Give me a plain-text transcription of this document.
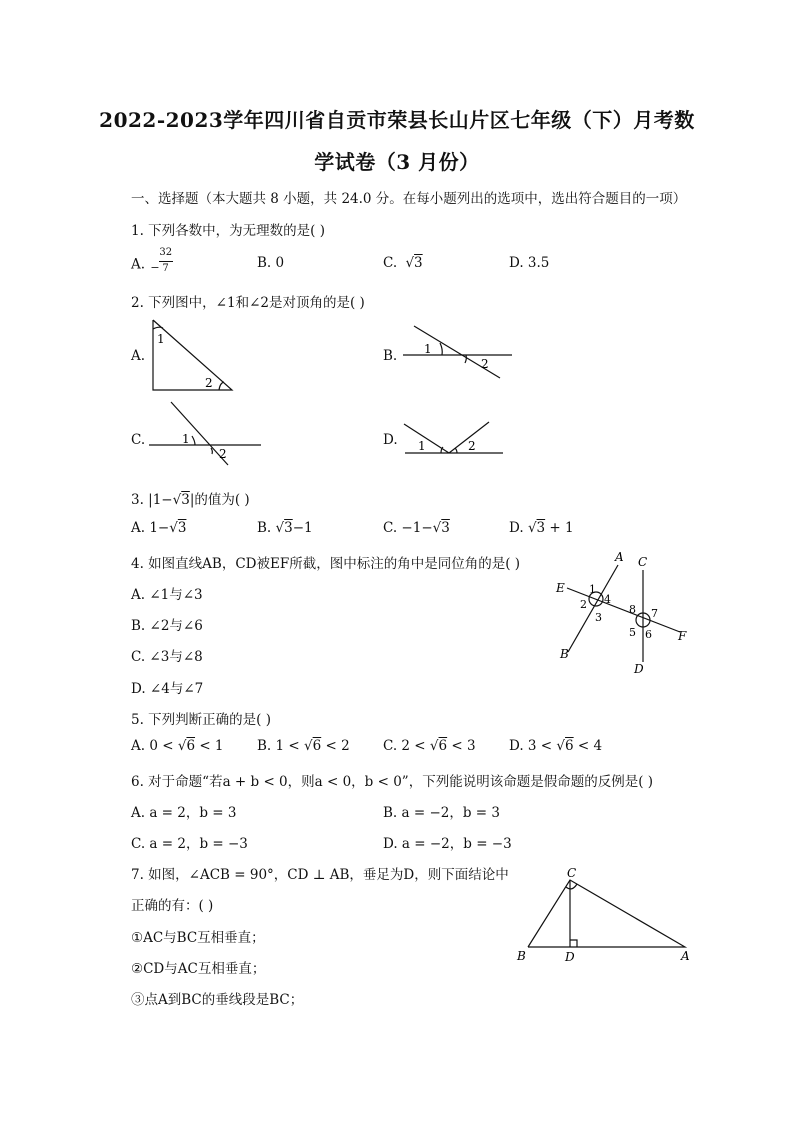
2022-2023学年四川省自贡市荣县长山片区七年级（下）月考数
学试卷（3 月份）
一、选择题（本大题共 8 小题，共 24.0 分。在每小题列出的选项中，选出符合题目的一项）
1. 下列各数中，为无理数的是( )
A. −
32
7	B. 0	C. √3	D. 3.5
2. 下列图中，∠1和∠2是对顶角的是( )
A.	B.
C.	D.
1
2
1
2
1
2
1	2
A
B
C
D
E
F
1
2
3
4
5 6
7
8
C
B	D	A
3. |1−√3|的值为( )
A. 1−√3	B. √3−1	C. −1−√3	D. √3 + 1
4. 如图直线AB，CD被EF所截，图中标注的角中是同位角的是( )
A. ∠1与∠3
B. ∠2与∠6
C. ∠3与∠8
D. ∠4与∠7
5. 下列判断正确的是( )
A. 0 < √6 < 1 B. 1 < √6 < 2 C. 2 < √6 < 3 D. 3 < √6 < 4
6. 对于命题“若a + b < 0，则a < 0，b < 0”，下列能说明该命题是假命题的反例是( )
A. a = 2，b = 3	B. a = −2，b = 3
C. a = 2，b = −3	D. a = −2，b = −3
7. 如图，∠ACB = 90°，CD ⊥ AB，垂足为D，则下面结论中
正确的有：( )
①AC与BC互相垂直；
②CD与AC互相垂直；
③点A到BC的垂线段是BC；
